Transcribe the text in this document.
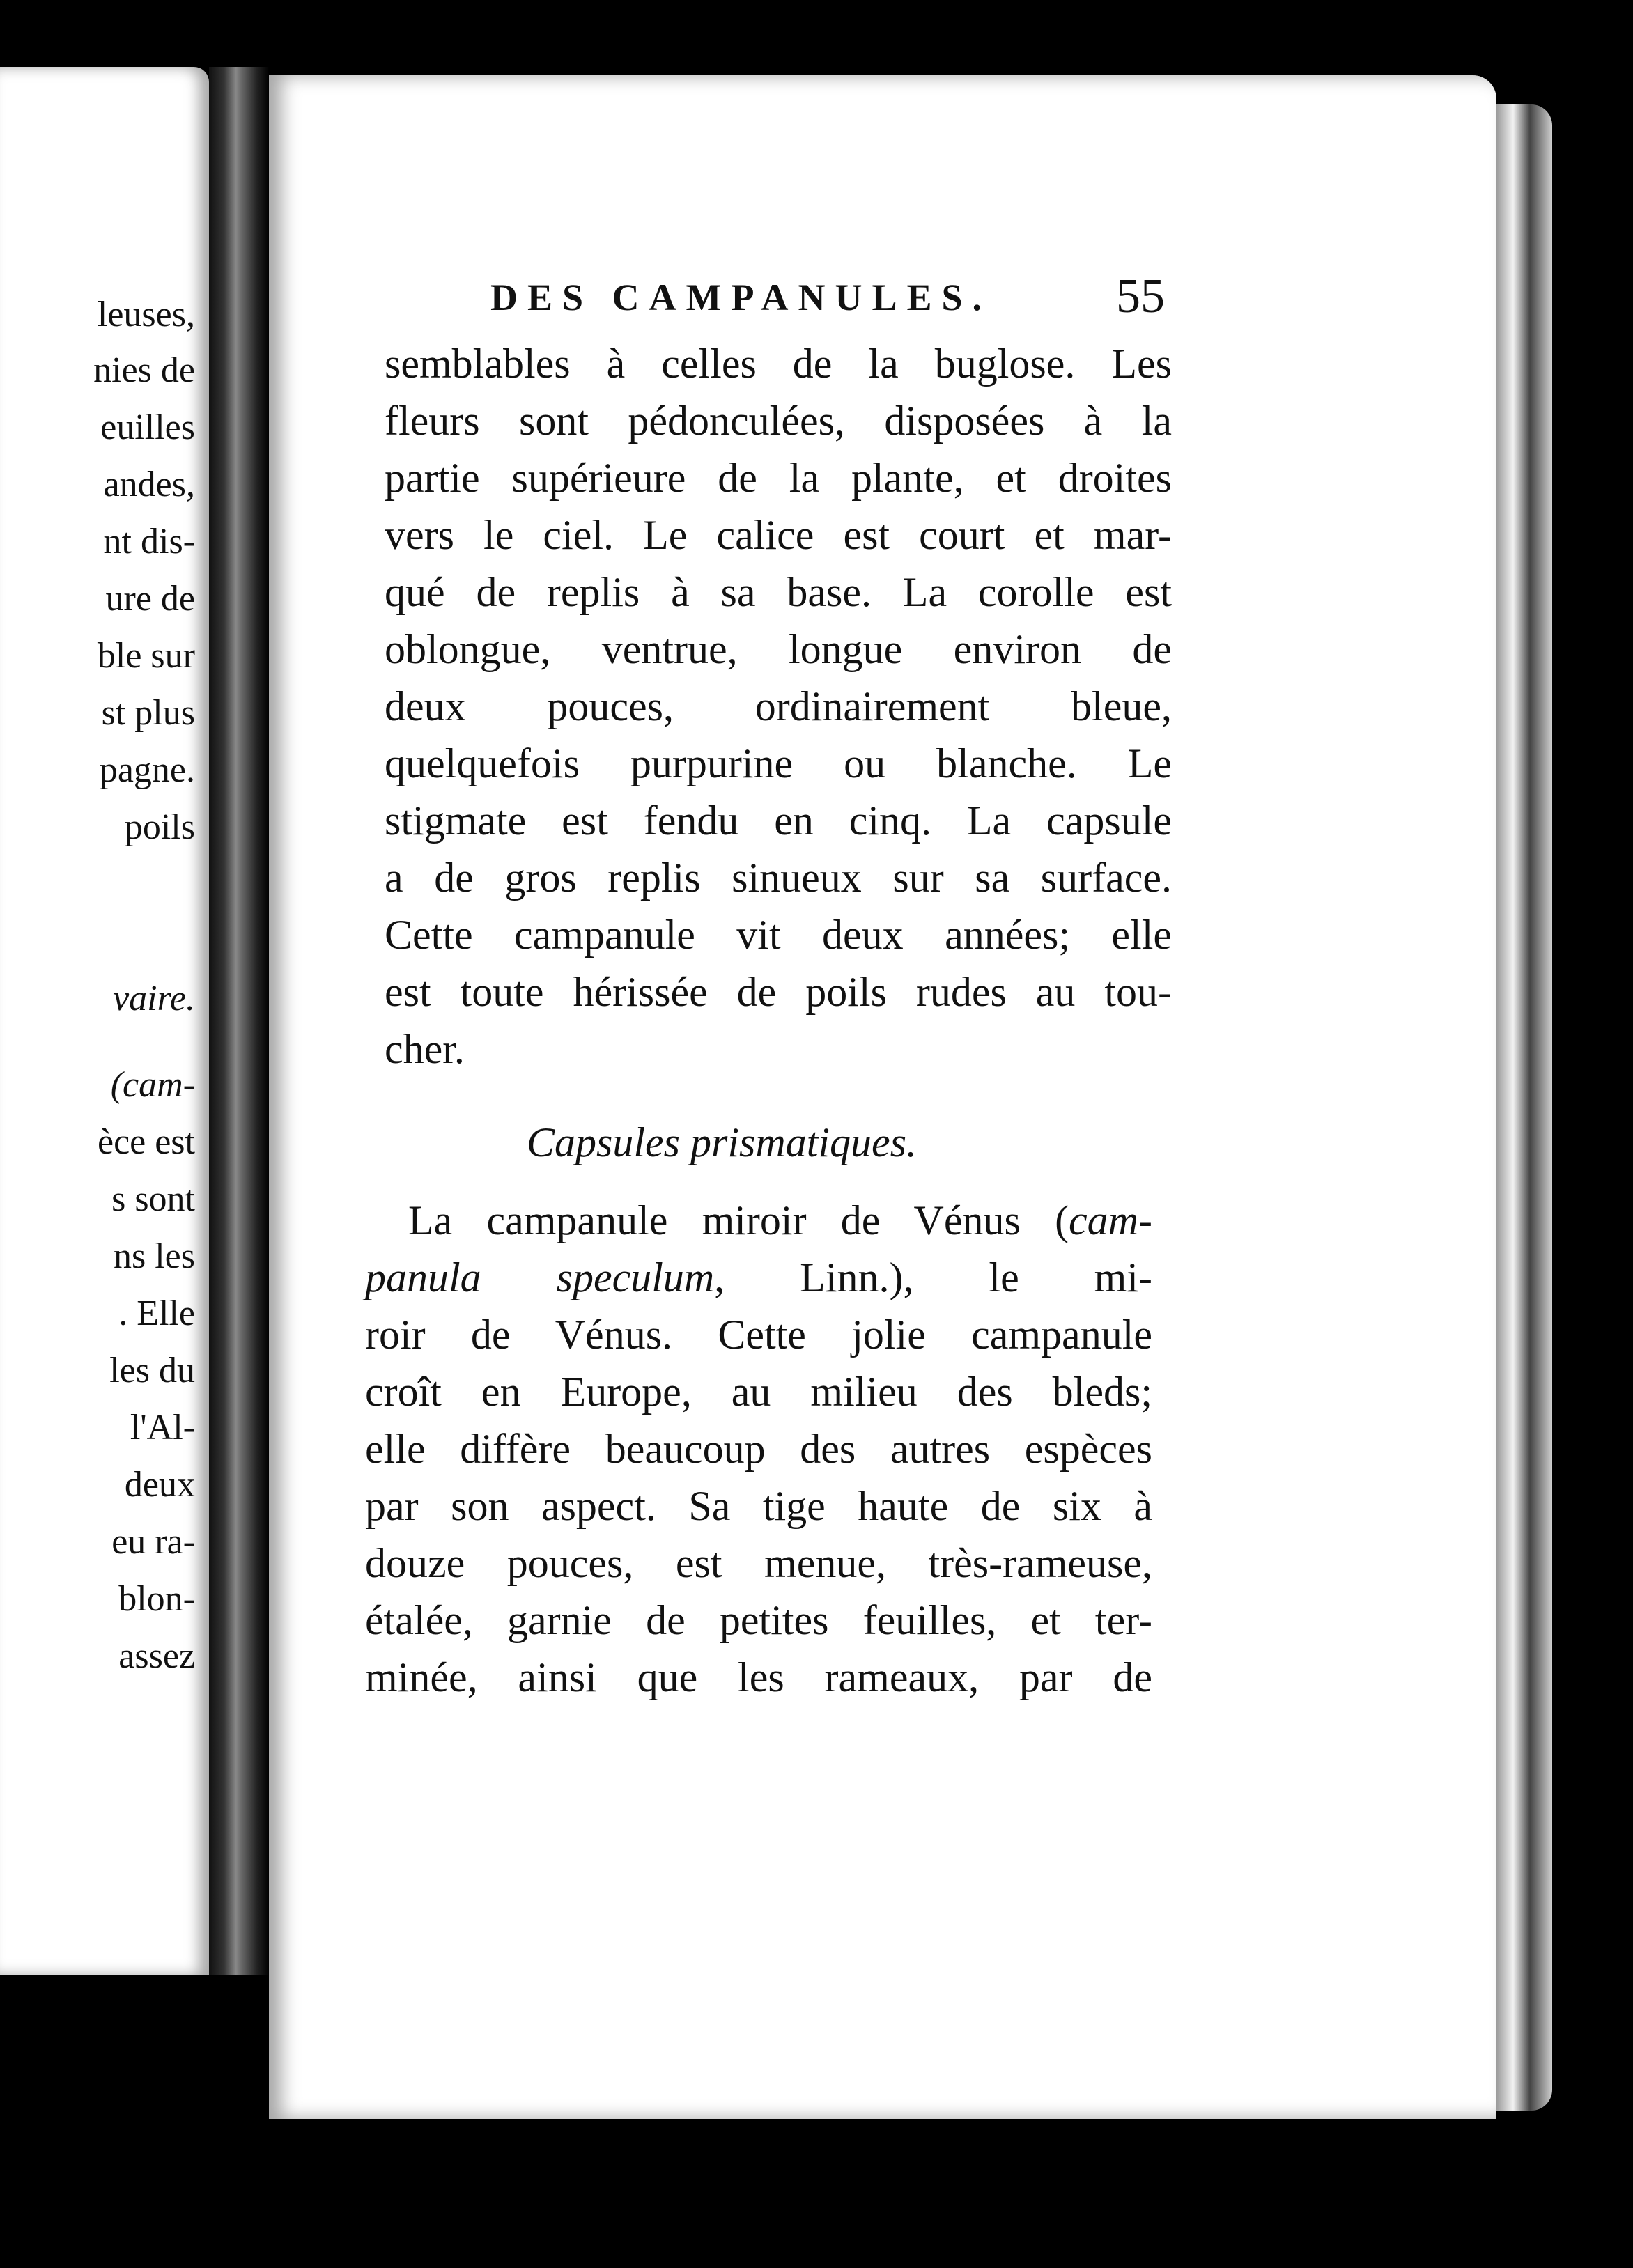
leuses,
nies de
euilles
andes,
nt dis-
ure de
ble sur
st plus
pagne.
poils
vaire.
(cam-
èce est
s sont
ns les
. Elle
les du
l'Al-
deux
eu ra-
blon-
assez
DES CAMPANULES.	55
semblables à celles de la buglose. Les
fleurs sont pédonculées, disposées à la
partie supérieure de la plante, et droites
vers le ciel. Le calice est court et mar-
qué de replis à sa base. La corolle est
oblongue, ventrue, longue environ de
deux pouces, ordinairement bleue,
quelquefois purpurine ou blanche. Le
stigmate est fendu en cinq. La capsule
a de gros replis sinueux sur sa surface.
Cette campanule vit deux années; elle
est toute hérissée de poils rudes au tou-
cher.
Capsules prismatiques.
La campanule miroir de Vénus (cam-
panula speculum, Linn.), le mi-
roir de Vénus. Cette jolie campanule
croît en Europe, au milieu des bleds;
elle diffère beaucoup des autres espèces
par son aspect. Sa tige haute de six à
douze pouces, est menue, très-rameuse,
étalée, garnie de petites feuilles, et ter-
minée, ainsi que les rameaux, par de
